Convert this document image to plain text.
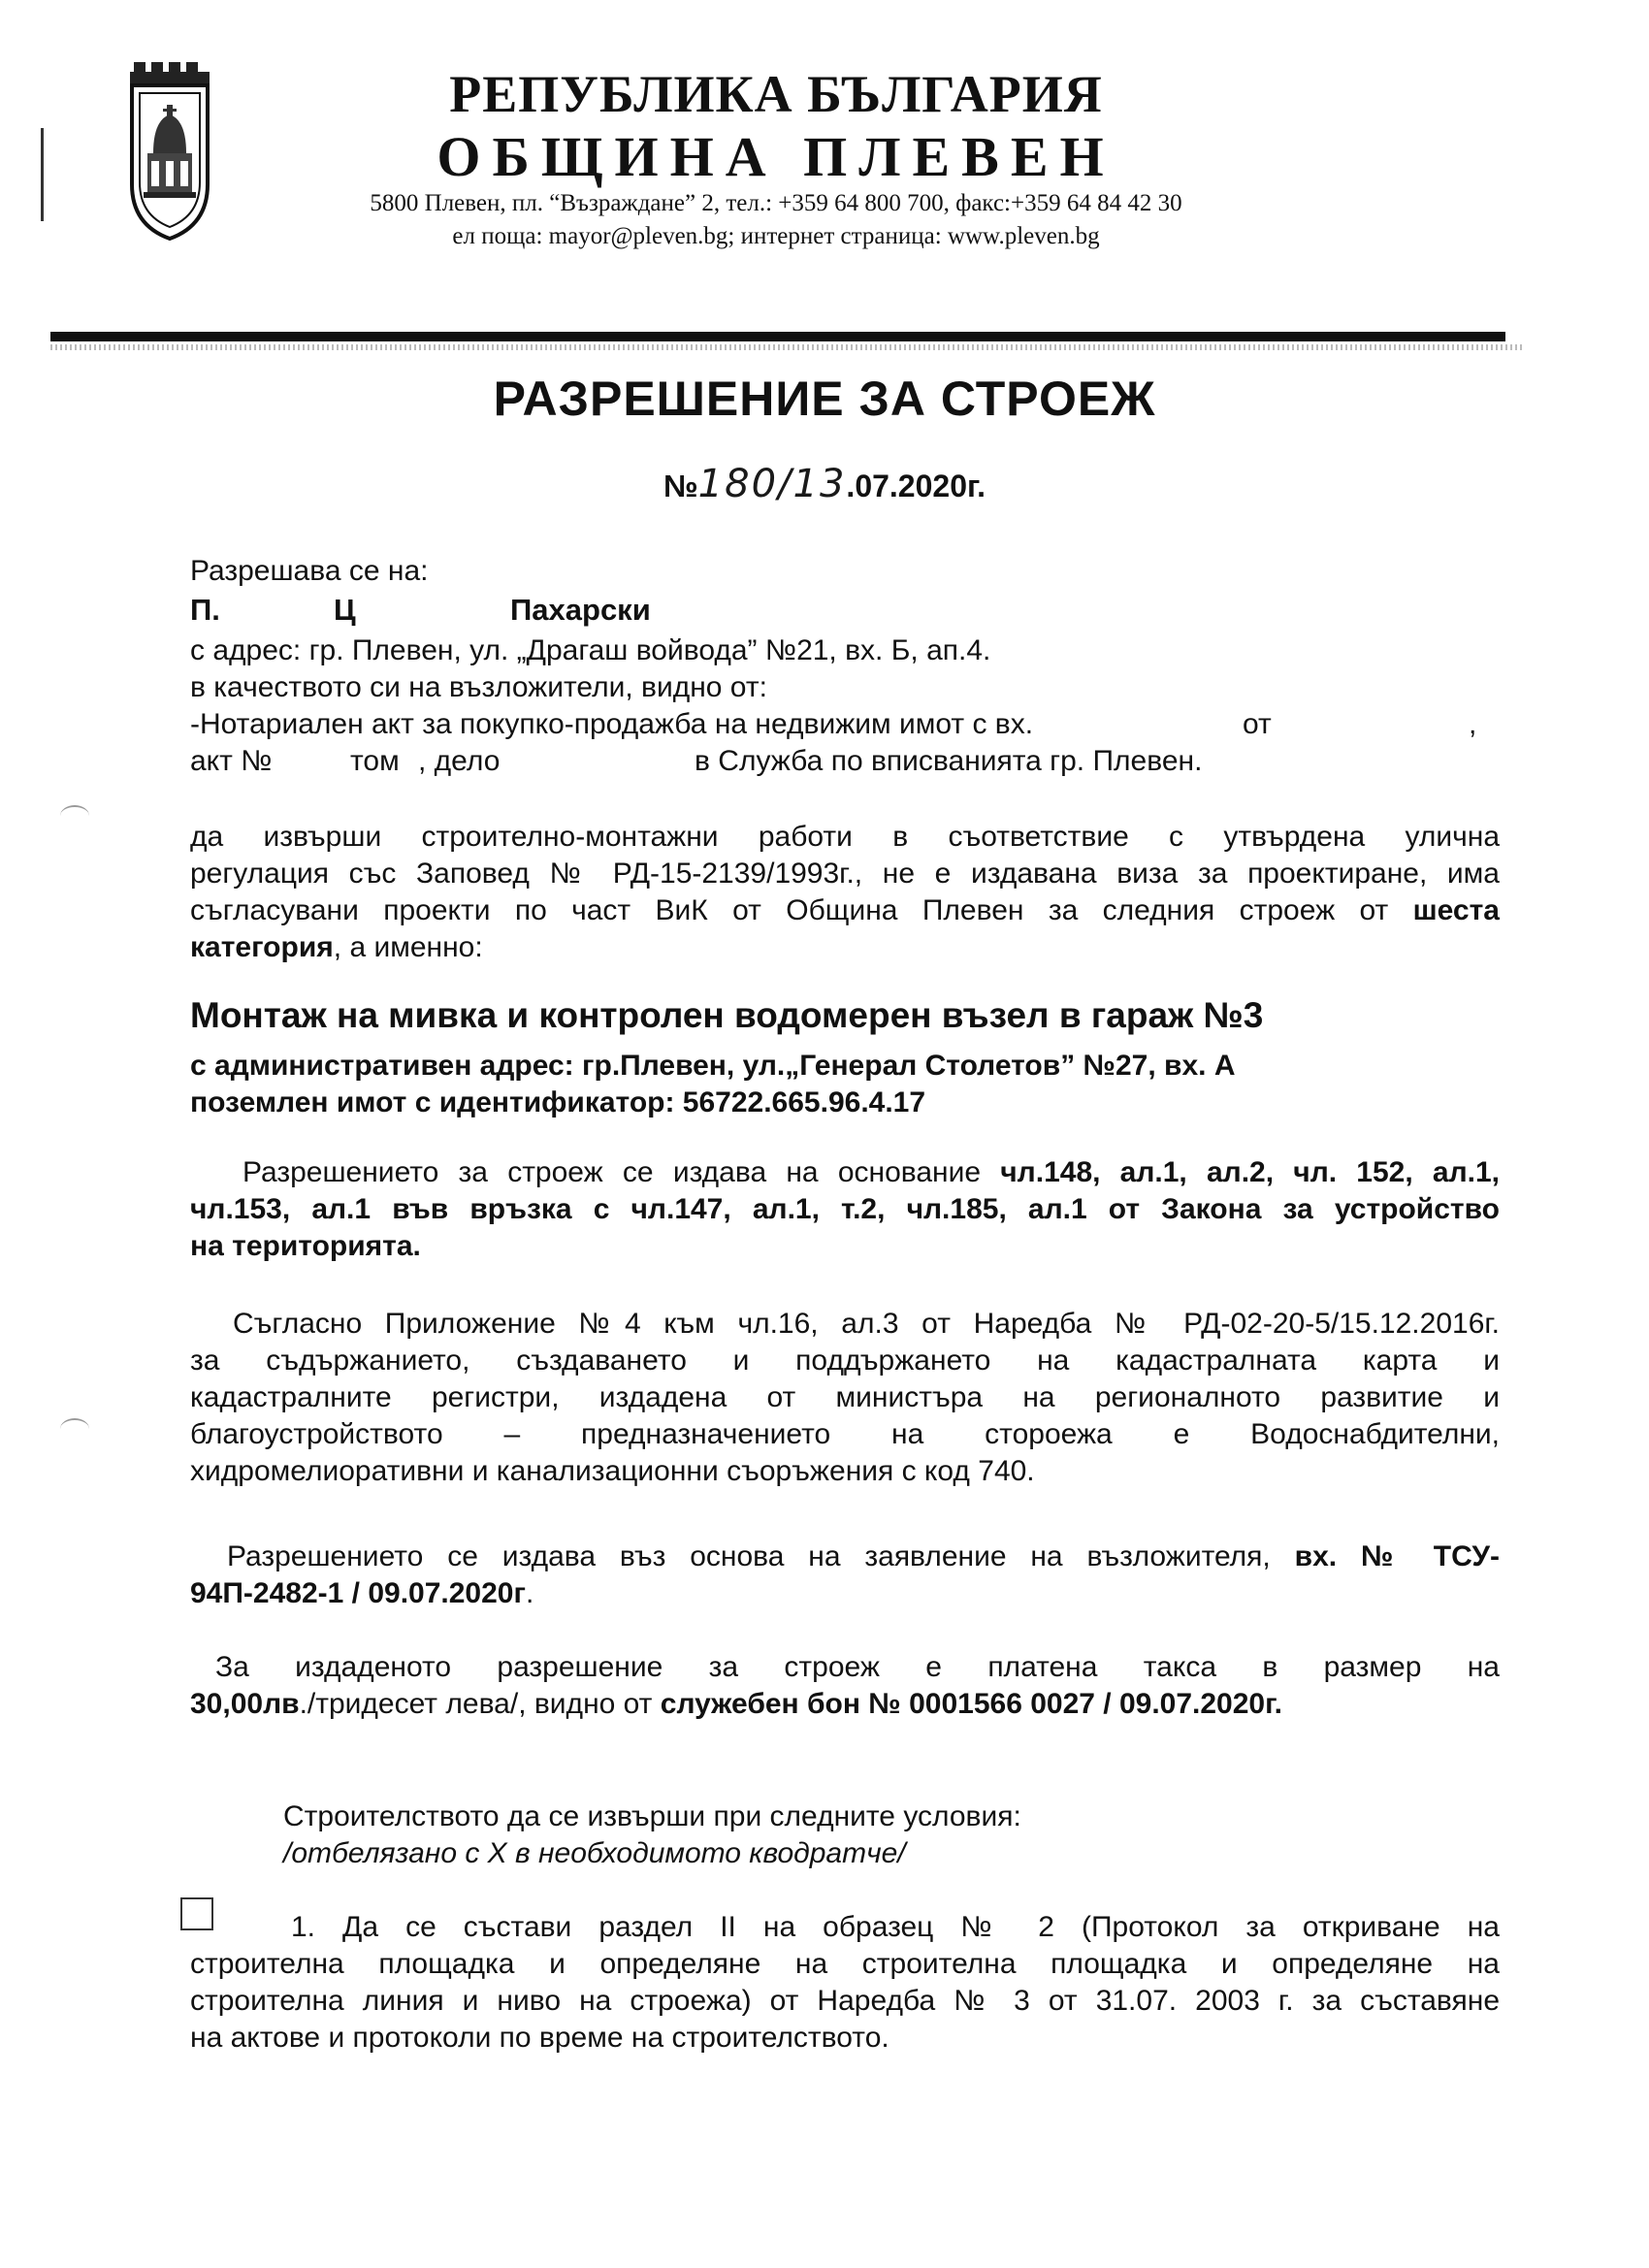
РЕПУБЛИКА БЪЛГАРИЯ
ОБЩИНА ПЛЕВЕН
5800 Плевен, пл. “Възраждане” 2, тел.: +359 64 800 700, факс:+359 64 84 42 30
ел поща: mayor@pleven.bg; интернет страница: www.pleven.bg
РАЗРЕШЕНИЕ ЗА СТРОЕЖ
№180/13.07.2020г.
Разрешава се на:
П.	Ц	Пахарски
с адрес: гр. Плевен, ул. „Драгаш войвода” №21, вх. Б, ап.4.
в качеството си на възложители, видно от:
-Нотариален акт за покупко-продажба на недвижим имот с вх.	от	,
акт №	том , дело	в Служба по вписванията гр. Плевен.
да извърши строително-монтажни работи в съответствие с утвърдена улична
регулация със Заповед № РД-15-2139/1993г., не е издавана виза за проектиране, има
съгласувани проекти по част ВиК от Община Плевен за следния строеж от шеста
категория, а именно:
Монтаж на мивка и контролен водомерен възел в гараж №3
с административен адрес: гр.Плевен, ул.„Генерал Столетов” №27, вх. А
поземлен имот с идентификатор: 56722.665.96.4.17
Разрешението за строеж се издава на основание чл.148, ал.1, ал.2, чл. 152, ал.1,
чл.153, ал.1 във връзка с чл.147, ал.1, т.2, чл.185, ал.1 от Закона за устройство
на територията.
Съгласно Приложение №4 към чл.16, ал.3 от Наредба № РД-02-20-5/15.12.2016г.
за съдържанието, създаването и поддържането на кадастралната карта и
кадастралните регистри, издадена от министъра на регионалното развитие и
благоустройството – предназначението на стороежа е Водоснабдителни,
хидромелиоративни и канализационни съоръжения с код 740.
Разрешението се издава въз основа на заявление на възложителя, вх. № ТСУ-
94П-2482-1 / 09.07.2020г.
За издаденото разрешение за строеж е платена такса в размер на
30,00лв./тридесет лева/, видно от служебен бон № 0001566 0027 / 09.07.2020г.
Строителството да се извърши при следните условия:
/отбелязано с Х в необходимото кводратче/
1. Да се състави раздел II на образец № 2 (Протокол за откриване на
строителна площадка и определяне на строителна площадка и определяне на
строителна линия и ниво на строежа) от Наредба № 3 от 31.07. 2003 г. за съставяне
на актове и протоколи по време на строителството.
